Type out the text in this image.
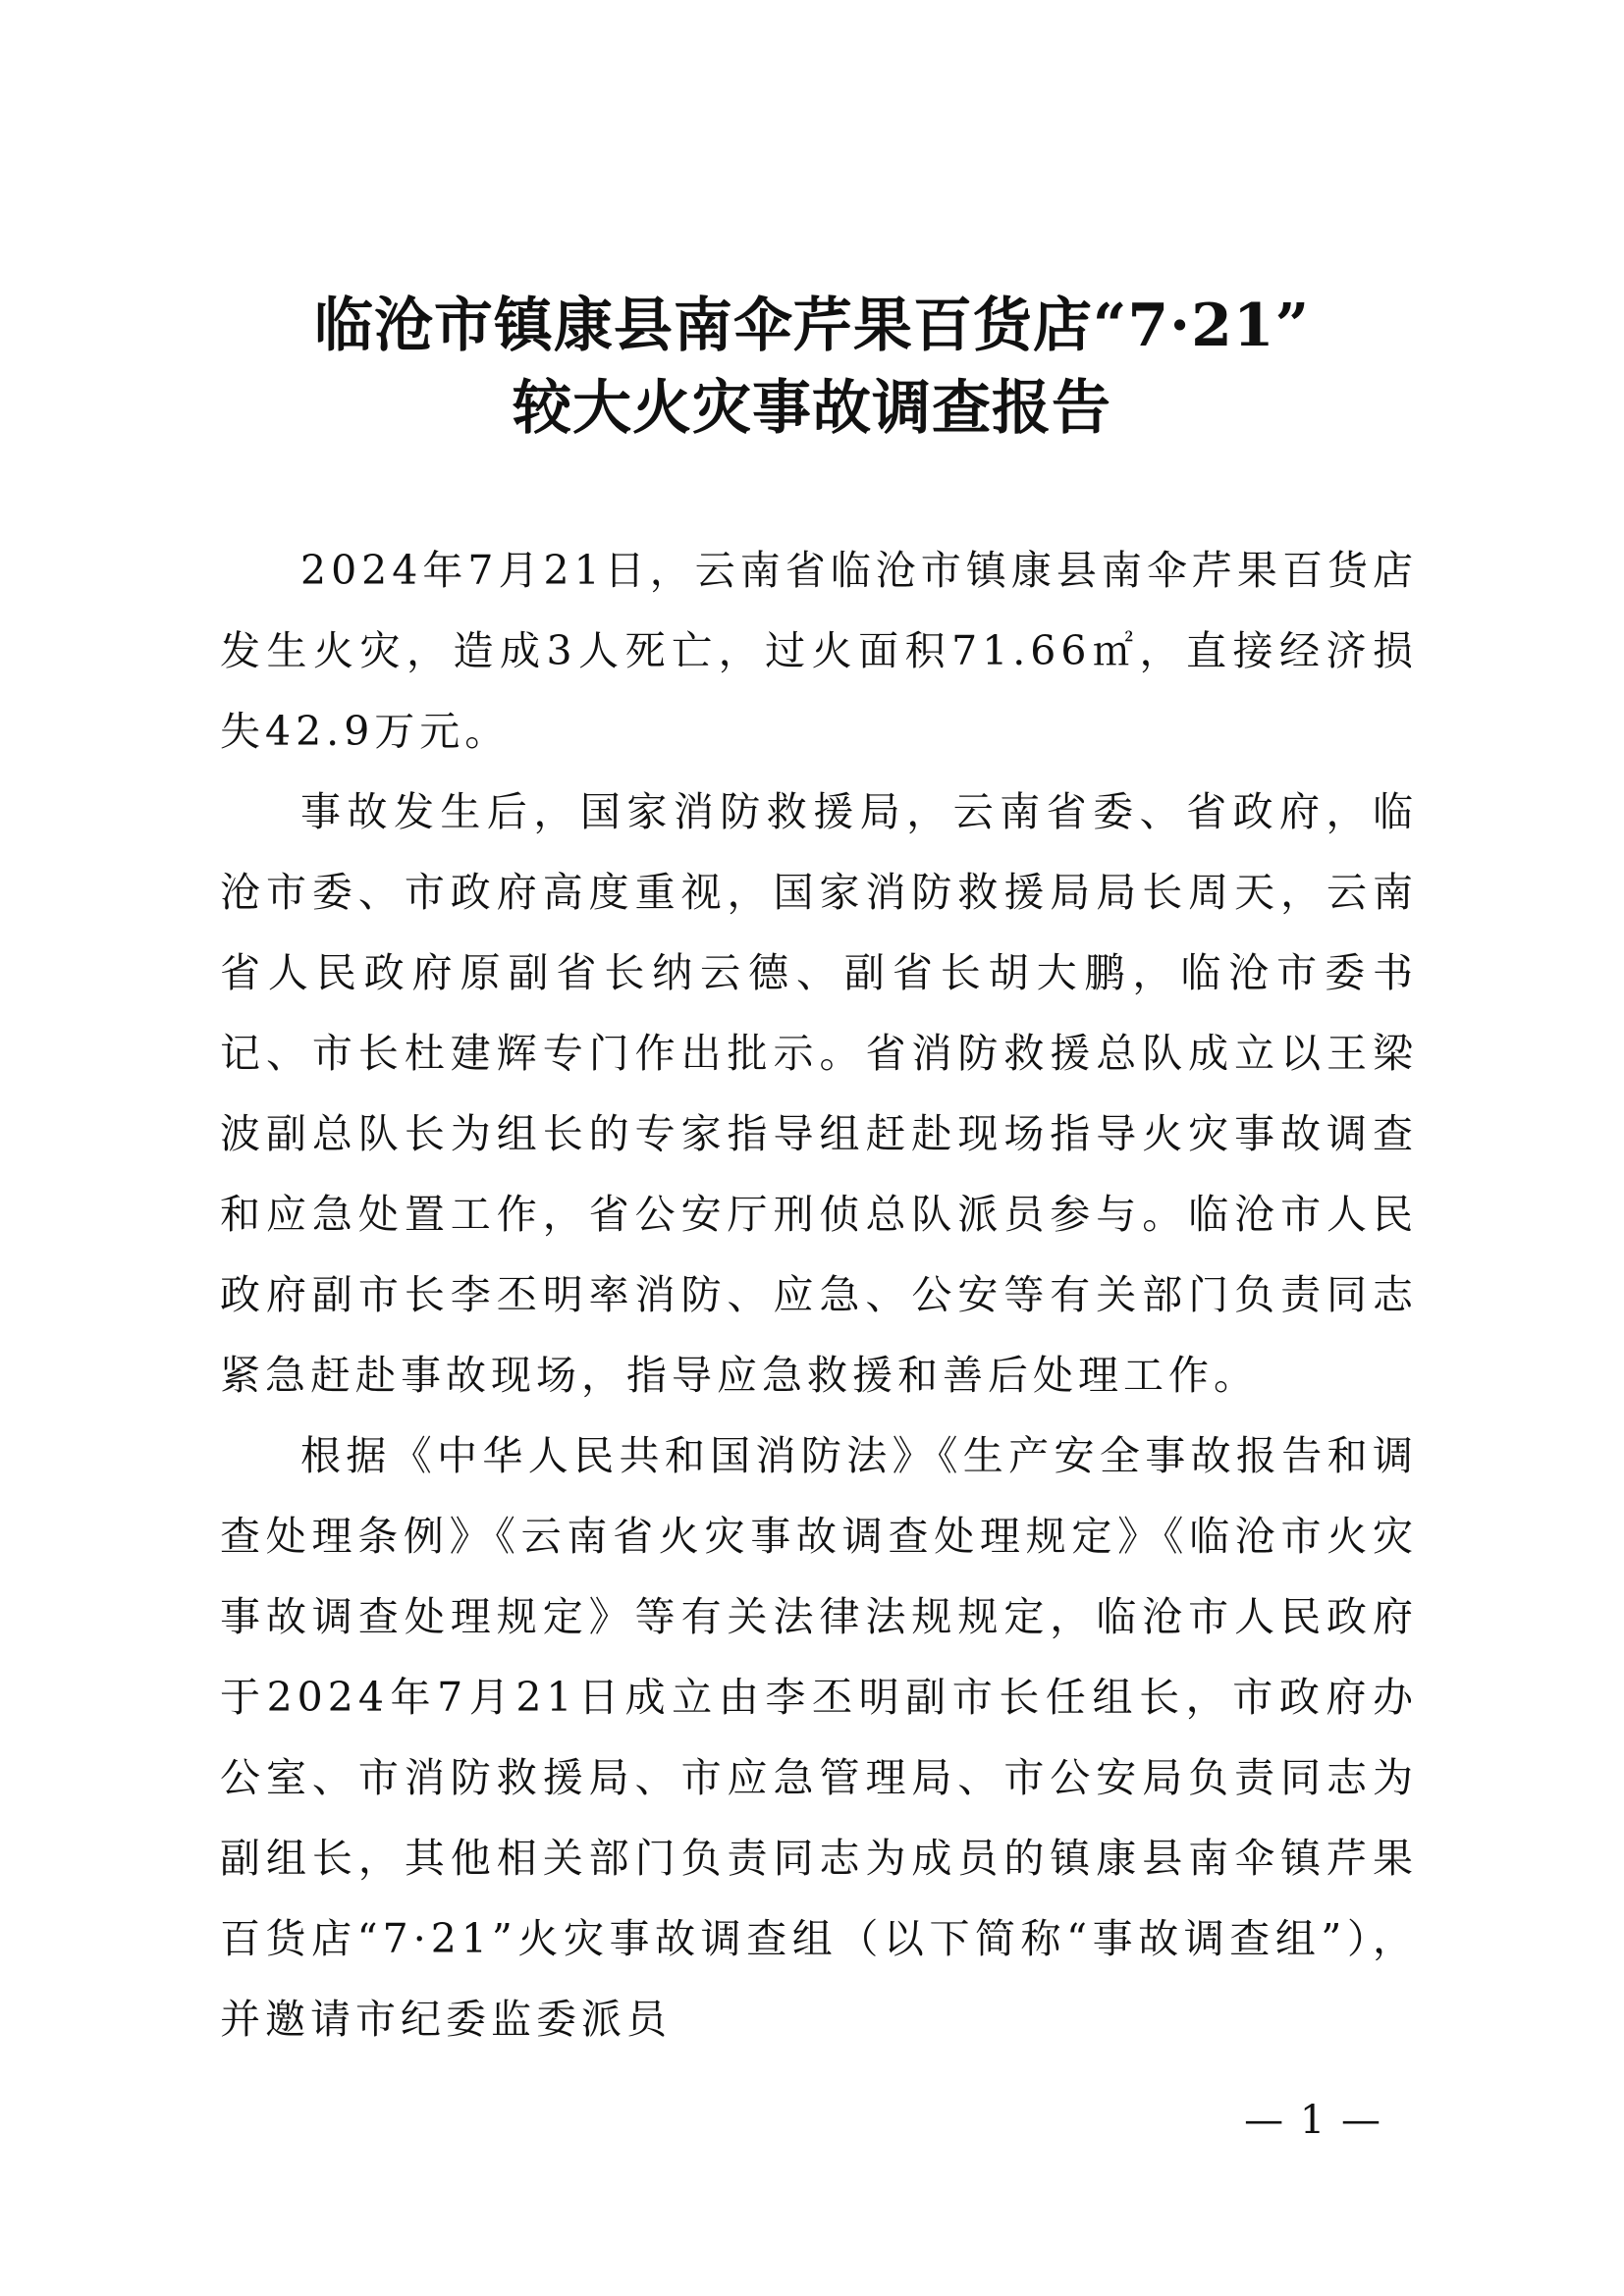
临沧市镇康县南伞芹果百货店“7·21”
较大火灾事故调查报告

2024年7月21日，云南省临沧市镇康县南伞芹果百货店发生火灾，造成3人死亡，过火面积71.66㎡，直接经济损失42.9万元。

事故发生后，国家消防救援局，云南省委、省政府，临沧市委、市政府高度重视，国家消防救援局局长周天，云南省人民政府原副省长纳云德、副省长胡大鹏，临沧市委书记、市长杜建辉专门作出批示。省消防救援总队成立以王梁波副总队长为组长的专家指导组赶赴现场指导火灾事故调查和应急处置工作，省公安厅刑侦总队派员参与。临沧市人民政府副市长李丕明率消防、应急、公安等有关部门负责同志紧急赶赴事故现场，指导应急救援和善后处理工作。

根据《中华人民共和国消防法》《生产安全事故报告和调查处理条例》《云南省火灾事故调查处理规定》《临沧市火灾事故调查处理规定》等有关法律法规规定，临沧市人民政府于2024年7月21日成立由李丕明副市长任组长，市政府办公室、市消防救援局、市应急管理局、市公安局负责同志为副组长，其他相关部门负责同志为成员的镇康县南伞镇芹果百货店“7·21”火灾事故调查组（以下简称“事故调查组”），并邀请市纪委监委派员

— 1 —
